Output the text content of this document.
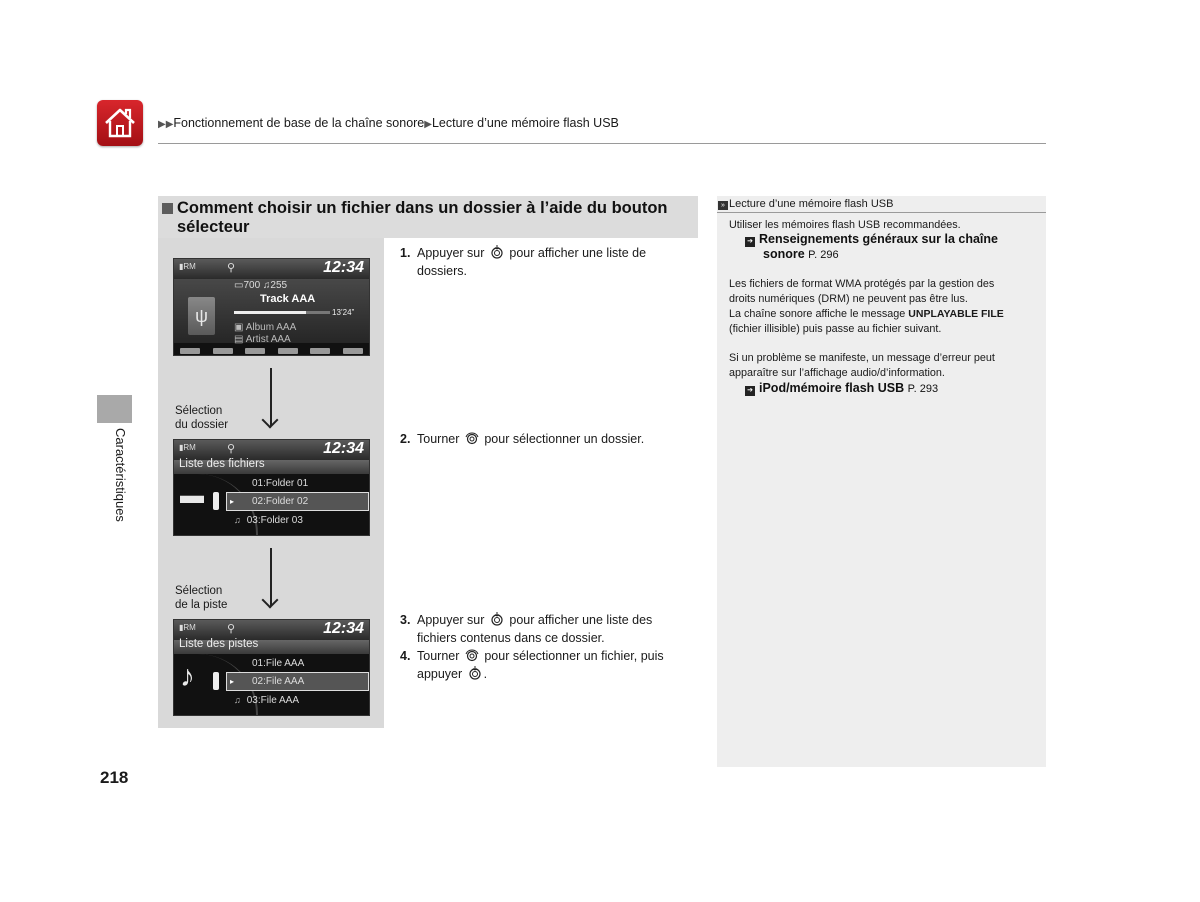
▶▶Fonctionnement de base de la chaîne sonore▶Lecture d’une mémoire flash USB
Caractéristiques
Comment choisir un fichier dans un dossier à l’aide du bouton sélecteur
▮RM	⚲	12:34
ψ
▭700 ♫255
Track AAA
13’24”
▣ Album AAA
▤ Artist AAA
Sélection
du dossier
▮RM	⚲	12:34
Liste des fichiers
▬	01:Folder 01
▸ 02:Folder 02
♫ 03:Folder 03
Sélection
de la piste
▮RM	⚲	12:34
Liste des pistes
♪	01:File AAA
▸ 02:File AAA
♫ 03:File AAA
1. Appuyer sur pour afficher une liste de dossiers.
2. Tourner pour sélectionner un dossier.
3. Appuyer sur pour afficher une liste des fichiers contenus dans ce dossier.
4. Tourner pour sélectionner un fichier, puis appuyer .
» Lecture d’une mémoire flash USB
Utiliser les mémoires flash USB recommandées.
➔ Renseignements généraux sur la chaîne
sonore P. 296
Les fichiers de format WMA protégés par la gestion des
droits numériques (DRM) ne peuvent pas être lus.
La chaîne sonore affiche le message UNPLAYABLE FILE
(fichier illisible) puis passe au fichier suivant.
Si un problème se manifeste, un message d’erreur peut
apparaître sur l’affichage audio/d’information.
➔ iPod/mémoire flash USB P. 293
218
